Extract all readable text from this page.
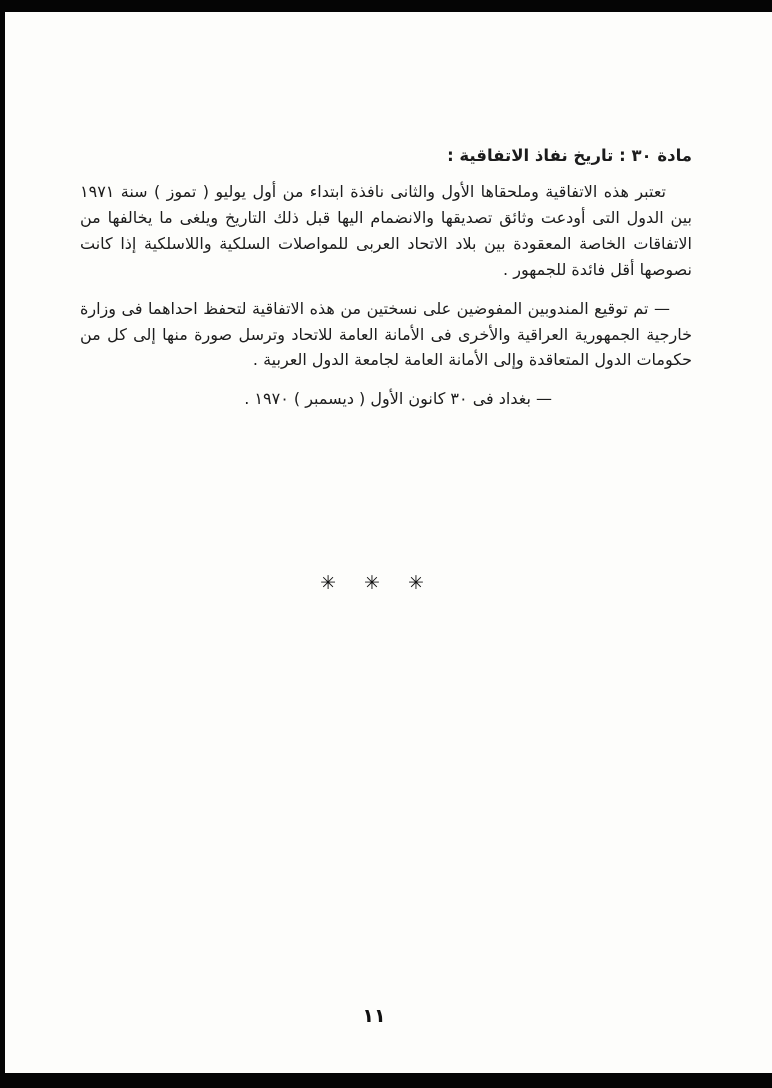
مادة ٣٠ : تاريخ نفاذ الاتفاقية :

تعتبر هذه الاتفاقية وملحقاها الأول والثانى نافذة ابتداء من أول يوليو ( تموز ) سنة ١٩٧١ بين الدول التى أودعت وثائق تصديقها والانضمام اليها قبل ذلك التاريخ ويلغى ما يخالفها من الاتفاقات الخاصة المعقودة بين بلاد الاتحاد العربى للمواصلات السلكية واللاسلكية إذا كانت نصوصها أقل فائدة للجمهور .

— تم توقيع المندوبين المفوضين على نسختين من هذه الاتفاقية لتحفظ احداهما فى وزارة خارجية الجمهورية العراقية والأخرى فى الأمانة العامة للاتحاد وترسل صورة منها إلى كل من حكومات الدول المتعاقدة وإلى الأمانة العامة لجامعة الدول العربية .

— بغداد فى ٣٠ كانون الأول ( ديسمبر ) ١٩٧٠ .

✳ ✳ ✳
١١
